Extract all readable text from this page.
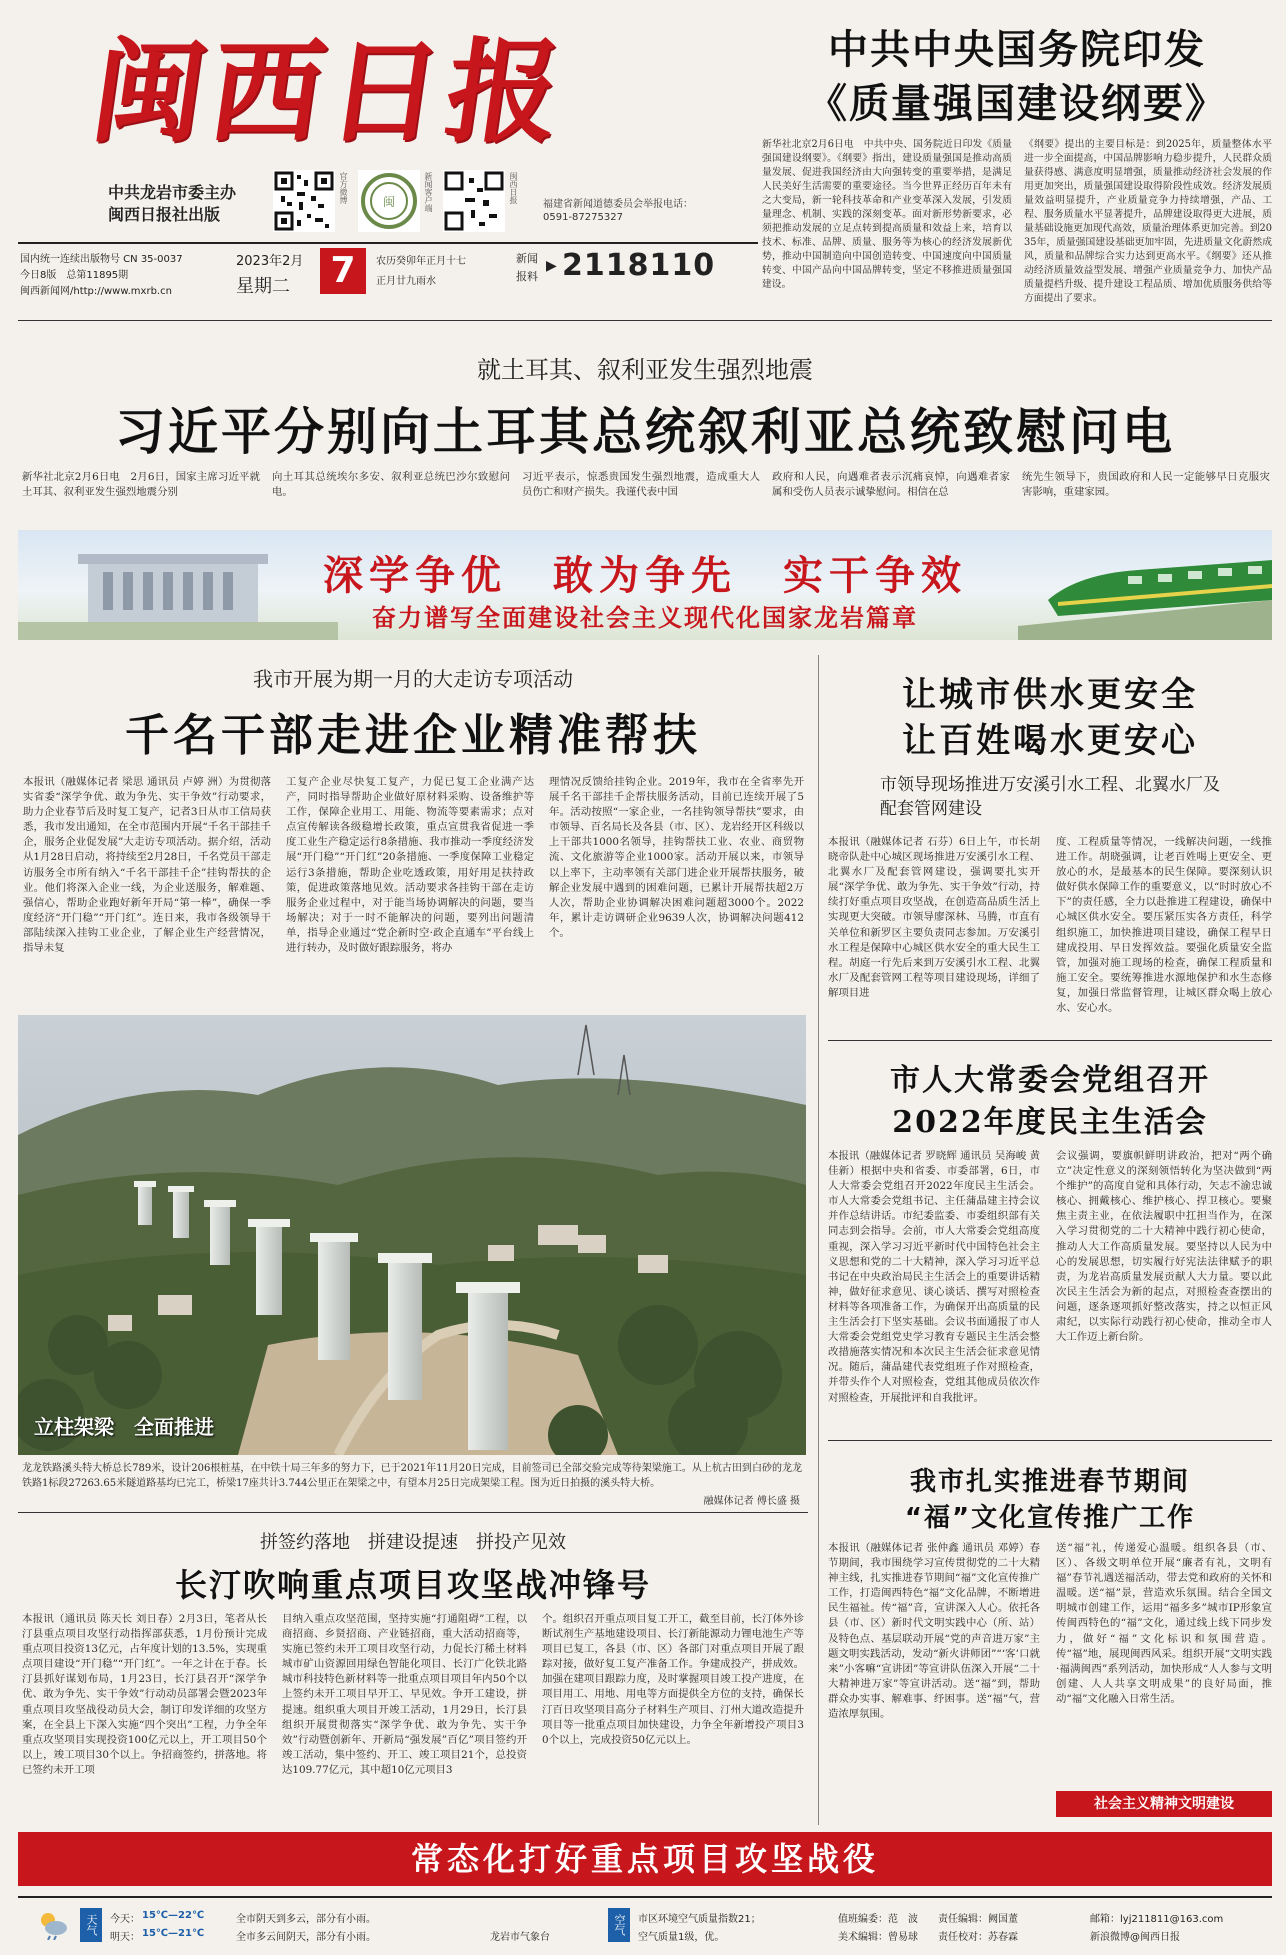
闽西日报
中共龙岩市委主办
闽西日报社出版
官方微博	闽	新闻客户端	闽西日报
福建省新闻道德委员会举报电话：
0591-87275327
国内统一连续出版物号 CN 35-0037
今日8版　总第11895期
闽西新闻网/http://www.mxrb.cn
2023年2月
星期二 7	农历癸卯年正月十七
正月廿九雨水
新闻
报料
▶ 2118110
中共中央国务院印发
《质量强国建设纲要》
新华社北京2月6日电　中共中央、国务院近日印发《质量强国建设纲要》。《纲要》指出，建设质量强国是推动高质量发展、促进我国经济由大向强转变的重要举措，是满足人民美好生活需要的重要途径。当今世界正经历百年未有之大变局，新一轮科技革命和产业变革深入发展，引发质量理念、机制、实践的深刻变革。面对新形势新要求，必须把推动发展的立足点转到提高质量和效益上来，培育以技术、标准、品牌、质量、服务等为核心的经济发展新优势，推动中国制造向中国创造转变、中国速度向中国质量转变、中国产品向中国品牌转变，坚定不移推进质量强国建设。
《纲要》提出的主要目标是：到2025年，质量整体水平进一步全面提高，中国品牌影响力稳步提升，人民群众质量获得感、满意度明显增强，质量推动经济社会发展的作用更加突出，质量强国建设取得阶段性成效。经济发展质量效益明显提升，产业质量竞争力持续增强，产品、工程、服务质量水平显著提升，品牌建设取得更大进展，质量基础设施更加现代高效，质量治理体系更加完善。到2035年，质量强国建设基础更加牢固，先进质量文化蔚然成风，质量和品牌综合实力达到更高水平。《纲要》还从推动经济质量效益型发展、增强产业质量竞争力、加快产品质量提档升级、提升建设工程品质、增加优质服务供给等方面提出了要求。
就土耳其、叙利亚发生强烈地震
习近平分别向土耳其总统叙利亚总统致慰问电
新华社北京2月6日电　2月6日，国家主席习近平就土耳其、叙利亚发生强烈地震分别
向土耳其总统埃尔多安、叙利亚总统巴沙尔致慰问电。
习近平表示，惊悉贵国发生强烈地震，造成重大人员伤亡和财产损失。我谨代表中国
政府和人民，向遇难者表示沉痛哀悼，向遇难者家属和受伤人员表示诚挚慰问。相信在总
统先生领导下，贵国政府和人民一定能够早日克服灾害影响，重建家园。
深学争优　敢为争先　实干争效
奋力谱写全面建设社会主义现代化国家龙岩篇章
我市开展为期一月的大走访专项活动
千名干部走进企业精准帮扶
本报讯（融媒体记者 梁思 通讯员 卢婷 洲）为贯彻落实省委“深学争优、敢为争先、实干争效”行动要求，助力企业春节后及时复工复产，记者3日从市工信局获悉，我市发出通知，在全市范围内开展“千名干部挂千企，服务企业促发展”大走访专项活动。据介绍，活动从1月28日启动，将持续至2月28日，千名党员干部走访服务全市所有纳入“千名干部挂千企”挂钩帮扶的企业。他们将深入企业一线，为企业送服务，解难题、强信心，帮助企业跑好新年开局“第一棒”，确保一季度经济“开门稳”“开门红”。连日来，我市各级领导干部陆续深入挂钩工业企业，了解企业生产经营情况，指导未复
工复产企业尽快复工复产，力促已复工企业满产达产，同时指导帮助企业做好原材料采购、设备维护等工作，保障企业用工、用能、物流等要素需求；点对点宣传解读各级稳增长政策，重点宣贯我省促进一季度工业生产稳定运行8条措施、我市推动一季度经济发展“开门稳”“开门红”20条措施、一季度保障工业稳定运行3条措施，帮助企业吃透政策，用好用足扶持政策，促进政策落地见效。活动要求各挂钩干部在走访服务企业过程中，对于能当场协调解决的问题，要当场解决；对于一时不能解决的问题，要列出问题清单，指导企业通过“党企新时空·政企直通车”平台线上进行转办，及时做好跟踪服务，将办
理情况反馈给挂钩企业。2019年，我市在全省率先开展千名干部挂千企帮扶服务活动，目前已连续开展了5年。活动按照“一家企业，一名挂钩领导帮扶”要求，由市领导、百名局长及各县（市、区）、龙岩经开区科级以上干部共1000名领导，挂钩帮扶工业、农业、商贸物流、文化旅游等企业1000家。活动开展以来，市领导以上率下，主动率领有关部门进企业开展帮扶服务，破解企业发展中遇到的困难问题，已累计开展帮扶超2万人次，帮助企业协调解决困难问题超3000个。2022年，累计走访调研企业9639人次，协调解决问题412个。
立柱架梁　全面推进
龙龙铁路溪头特大桥总长789米，设计206根桩基，在中铁十局三年多的努力下，已于2021年11月20日完成，目前签司已全部交验完成等待架梁施工。从上杭古田到白砂的龙龙铁路1标段27263.65米隧道路基均已完工，桥梁17座共计3.744公里正在架梁之中，有望本月25日完成架梁工程。图为近日拍摄的溪头特大桥。
融媒体记者 傅长盛 摄
拼签约落地　拼建设提速　拼投产见效
长汀吹响重点项目攻坚战冲锋号
本报讯（通讯员 陈天长 刘日春）2月3日，笔者从长汀县重点项目攻坚行动指挥部获悉，1月份预计完成重点项目投资13亿元，占年度计划的13.5%，实现重点项目建设“开门稳”“开门红”。一年之计在于春。长汀县抓好谋划布局，1月23日，长汀县召开“深学争优、敢为争先、实干争效”行动动员部署会暨2023年重点项目攻坚战役动员大会，制订印发详细的攻坚方案，在全县上下深入实施“四个突出”工程，力争全年重点攻坚项目实现投资100亿元以上，开工项目50个以上，竣工项目30个以上。争招商签约，拼落地。将已签约未开工项
目纳入重点攻坚范围，坚持实施“打通阻碍”工程，以商招商、乡贤招商、产业链招商，重大活动招商等，实施已签约未开工项目攻坚行动，力促长汀稀土材料城市矿山资源回用绿色智能化项目、长汀广化铁北路城市科技特色新材料等一批重点项目项目年内50个以上签约未开工项目早开工、早见效。争开工建设，拼提速。组织重大项目开竣工活动，1月29日，长汀县组织开展贯彻落实“深学争优、敢为争先、实干争效”行动暨创新年、开新局“强发展”百亿”项目签约开竣工活动，集中签约、开工、竣工项目21个，总投资达109.77亿元，其中超10亿元项目3
个。组织召开重点项目复工开工，截至目前，长汀体外诊断试剂生产基地建设项目、长汀新能源动力锂电池生产等项目已复工，各县（市、区）各部门对重点项目开展了跟踪对接，做好复工复产准备工作。争建成投产，拼成效。加强在建项目跟踪力度，及时掌握项目竣工投产进度，在项目用工、用地、用电等方面提供全方位的支持，确保长汀百日攻坚项目高分子材料生产项目、汀州大道改造提升项目等一批重点项目加快建设，力争全年新增投产项目30个以上，完成投资50亿元以上。
让城市供水更安全
让百姓喝水更安心
市领导现场推进万安溪引水工程、北翼水厂及配套管网建设
本报讯（融媒体记者 石芬）6日上午，市长胡晓帝队赴中心城区现场推进万安溪引水工程、北翼水厂及配套管网建设，强调要扎实开展“深学争优、敢为争先、实干争效”行动，持续打好重点项目攻坚战，在创造高品质生活上实现更大突破。市领导廖深林、马腾，市直有关单位和新罗区主要负责同志参加。万安溪引水工程是保障中心城区供水安全的重大民生工程。胡庭一行先后来到万安溪引水工程、北翼水厂及配套管网工程等项目建设现场，详细了解项目进
度、工程质量等情况，一线解决问题，一线推进工作。胡晓强调，让老百姓喝上更安全、更放心的水，是最基本的民生保障。要深刻认识做好供水保障工作的重要意义，以“时时放心不下”的责任感，全力以赴推进工程建设，确保中心城区供水安全。要压紧压实各方责任，科学组织施工，加快推进项目建设，确保工程早日建成投用、早日发挥效益。要强化质量安全监管，加强对施工现场的检查，确保工程质量和施工安全。要统筹推进水源地保护和水生态修复，加强日常监督管理，让城区群众喝上放心水、安心水。
市人大常委会党组召开
2022年度民主生活会
本报讯（融媒体记者 罗晓辉 通讯员 吴海峻 黄佳新）根据中央和省委、市委部署，6日，市人大常委会党组召开2022年度民主生活会。市人大常委会党组书记、主任蒲晶建主持会议并作总结讲话。市纪委监委、市委组织部有关同志到会指导。会前，市人大常委会党组高度重视，深入学习习近平新时代中国特色社会主义思想和党的二十大精神，深入学习习近平总书记在中央政治局民主生活会上的重要讲话精神，做好征求意见、谈心谈话、撰写对照检查材料等各项准备工作，为确保开出高质量的民主生活会打下坚实基础。会议书面通报了市人大常委会党组党史学习教育专题民主生活会整改措施落实情况和本次民主生活会征求意见情况。随后，蒲晶建代表党组班子作对照检查，并带头作个人对照检查，党组其他成员依次作对照检查，开展批评和自我批评。
会议强调，要旗帜鲜明讲政治，把对“两个确立”决定性意义的深刻领悟转化为坚决做到“两个维护”的高度自觉和具体行动，矢志不渝忠诚核心、拥戴核心、维护核心、捍卫核心。要聚焦主责主业，在依法履职中扛担当作为，在深入学习贯彻党的二十大精神中践行初心使命，推动人大工作高质量发展。要坚持以人民为中心的发展思想，切实履行好宪法法律赋予的职责，为龙岩高质量发展贡献人大力量。要以此次民主生活会为新的起点，对照检查查摆出的问题，逐条逐项抓好整改落实，持之以恒正风肃纪，以实际行动践行初心使命，推动全市人大工作迈上新台阶。
我市扎实推进春节期间
“福”文化宣传推广工作
本报讯（融媒体记者 张仲鑫 通讯员 邓婷）春节期间，我市围绕学习宣传贯彻党的二十大精神主线，扎实推进春节期间“福”文化宣传推广工作，打造闽西特色“福”文化品牌，不断增进民生福祉。传“福”音，宣讲深入人心。依托各县（市、区）新时代文明实践中心（所、站）及特色点、基层联动开展“党的声音进万家”主题文明实践活动，发动“新火讲师团”“‘客’口就来”小客嘛“宣讲团”等宣讲队伍深入开展“二十大精神进万家”等宣讲活动。送“福”到，帮助群众办实事、解难事、纾困事。送“福”气，营造浓厚氛围。
送“福”礼，传递爱心温暖。组织各县（市、区）、各级文明单位开展“廉者有礼，文明有福”春节礼遇送福活动，带去党和政府的关怀和温暖。送“福”景，营造欢乐氛围。结合全国文明城市创建工作，运用“福多多”城市IP形象宣传闽西特色的“福”文化，通过线上线下同步发力，做好“福”文化标识和氛围营造。传“福”地，展现闽西风采。组织开展“文明实践·福满闽西”系列活动，加快形成“人人参与文明创建、人人共享文明成果”的良好局面，推动“福”文化融入日常生活。
社会主义精神文明建设
常态化打好重点项目攻坚战役
天气	今天： 15℃—22℃	全市阴天到多云，部分有小雨。
明天： 15℃—21℃	全市多云间阴天，部分有小雨。	龙岩市气象台
空气	市区环境空气质量指数21；
空气质量1级，优。
值班编委：范　波　　责任编辑：阙国董
美术编辑：曾易球　　责任校对：苏春霖
邮箱：lyj211811@163.com
新浪微博@闽西日报
